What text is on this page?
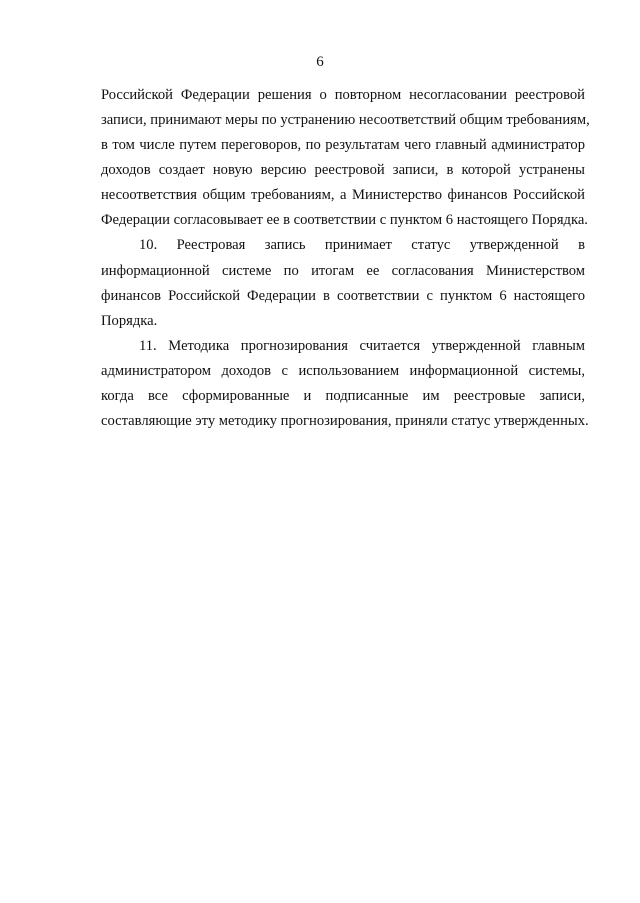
6
Российской Федерации решения о повторном несогласовании реестровой
записи, принимают меры по устранению несоответствий общим требованиям,
в том числе путем переговоров, по результатам чего главный администратор
доходов создает новую версию реестровой записи, в которой устранены
несоответствия общим требованиям, а Министерство финансов Российской
Федерации согласовывает ее в соответствии с пунктом 6 настоящего Порядка.
10. Реестровая запись принимает статус утвержденной в
информационной системе по итогам ее согласования Министерством
финансов Российской Федерации в соответствии с пунктом 6 настоящего
Порядка.
11. Методика прогнозирования считается утвержденной главным
администратором доходов с использованием информационной системы,
когда все сформированные и подписанные им реестровые записи,
составляющие эту методику прогнозирования, приняли статус утвержденных.
